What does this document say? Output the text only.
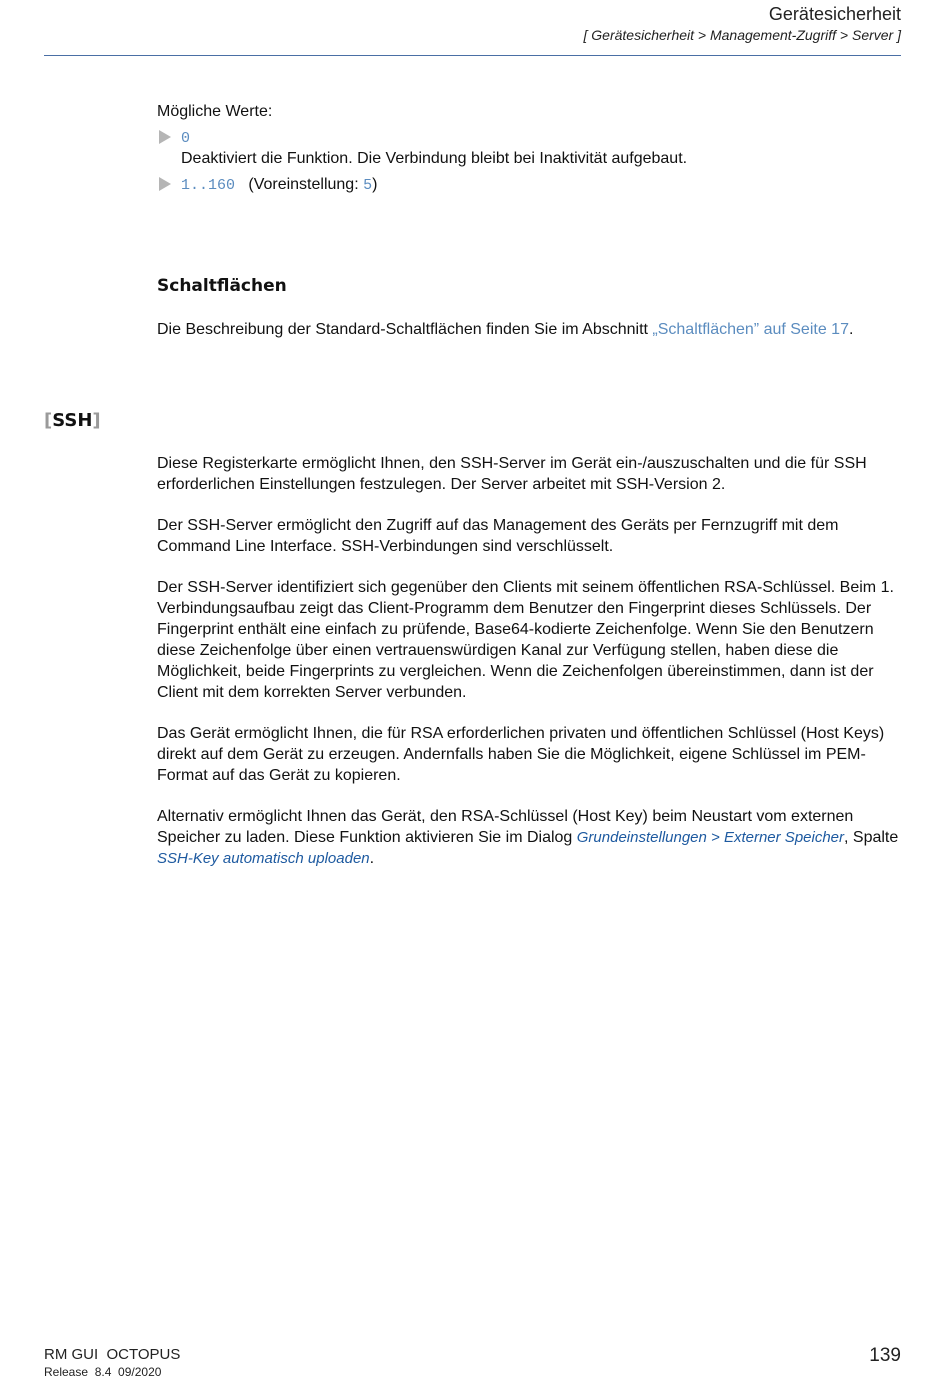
Gerätesicherheit
[ Gerätesicherheit > Management-Zugriff > Server ]
Mögliche Werte:
0
Deaktiviert die Funktion. Die Verbindung bleibt bei Inaktivität aufgebaut.
1..160 (Voreinstellung: 5)
Schaltflächen

Die Beschreibung der Standard-Schaltflächen finden Sie im Abschnitt „Schaltflächen” auf Seite 17.

[SSH]

Diese Registerkarte ermöglicht Ihnen, den SSH-Server im Gerät ein-/auszuschalten und die für SSH erforderlichen Einstellungen festzulegen. Der Server arbeitet mit SSH-Version 2.

Der SSH-Server ermöglicht den Zugriff auf das Management des Geräts per Fernzugriff mit dem Command Line Interface. SSH-Verbindungen sind verschlüsselt.

Der SSH-Server identifiziert sich gegenüber den Clients mit seinem öffentlichen RSA-Schlüssel. Beim 1. Verbindungsaufbau zeigt das Client-Programm dem Benutzer den Fingerprint dieses Schlüssels. Der Fingerprint enthält eine einfach zu prüfende, Base64-kodierte Zeichenfolge. Wenn Sie den Benutzern diese Zeichenfolge über einen vertrauenswürdigen Kanal zur Verfügung stellen, haben diese die Möglichkeit, beide Fingerprints zu vergleichen. Wenn die Zeichenfolgen übereinstimmen, dann ist der Client mit dem korrekten Server verbunden.

Das Gerät ermöglicht Ihnen, die für RSA erforderlichen privaten und öffentlichen Schlüssel (Host Keys) direkt auf dem Gerät zu erzeugen. Andernfalls haben Sie die Möglichkeit, eigene Schlüssel im PEM-Format auf das Gerät zu kopieren.

Alternativ ermöglicht Ihnen das Gerät, den RSA-Schlüssel (Host Key) beim Neustart vom externen Speicher zu laden. Diese Funktion aktivieren Sie im Dialog Grundeinstellungen > Externer Speicher, Spalte SSH-Key automatisch uploaden.

RM GUI  OCTOPUS
Release  8.4  09/2020
139
